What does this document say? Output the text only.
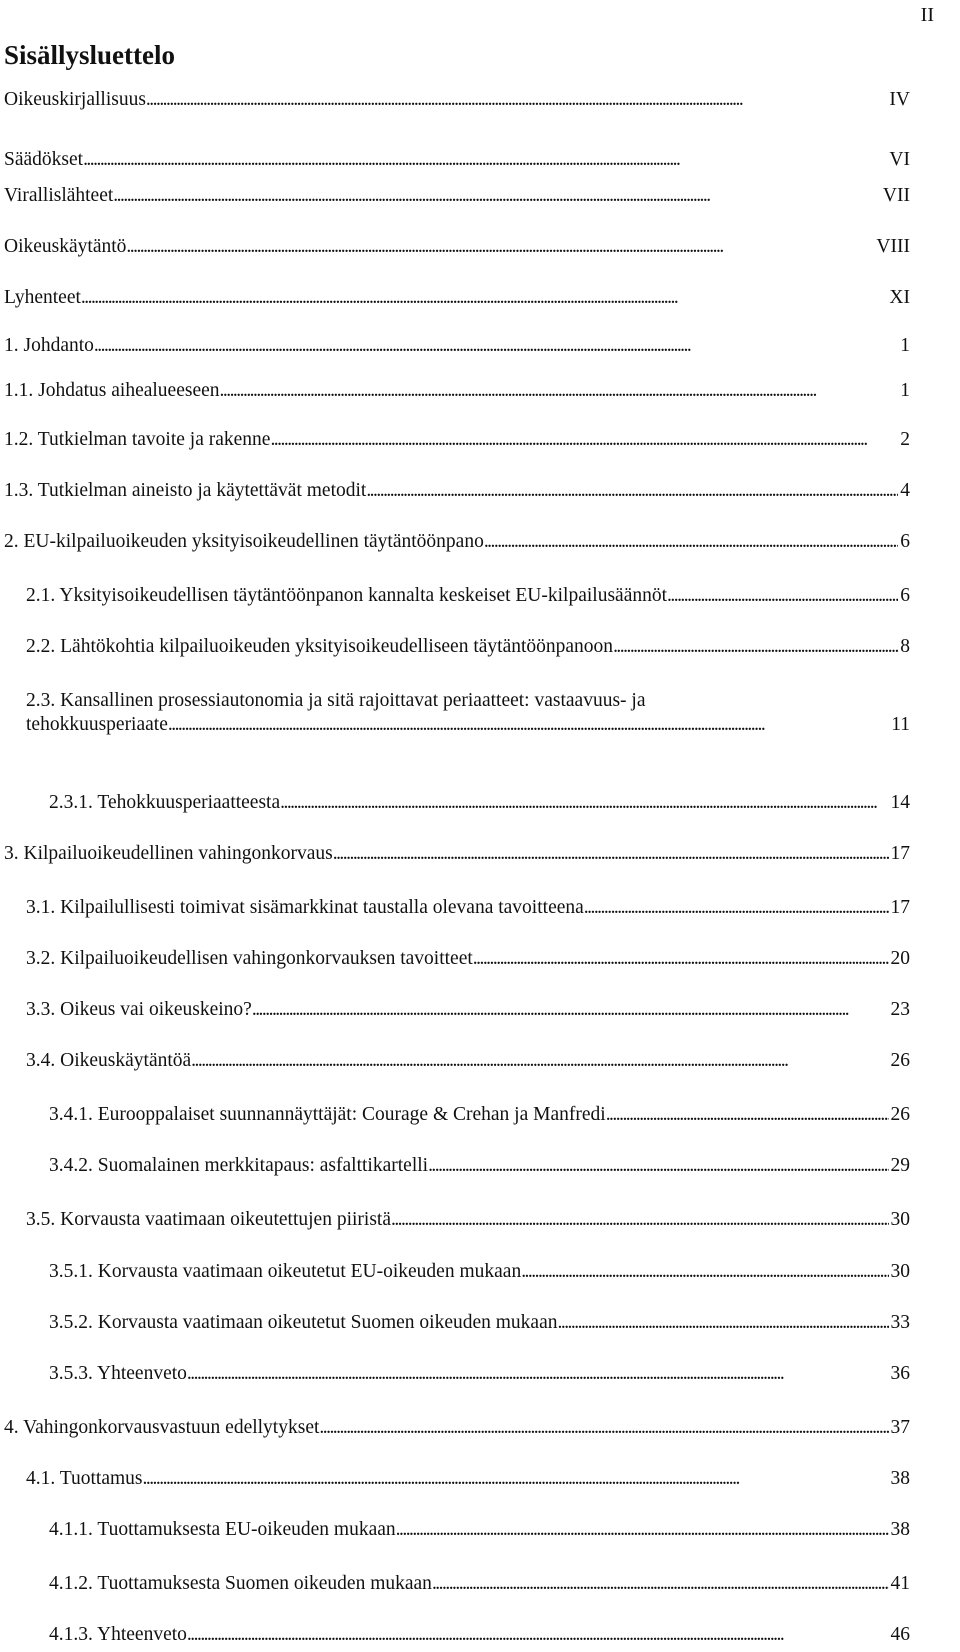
II
Sisällysluettelo
Oikeuskirjallisuus . . .	IV
Säädökset . . .	VI
Virallislähteet . . .	VII
Oikeuskäytäntö . . .	VIII
Lyhenteet . . .	XI
1. Johdanto . . .	1
1.1. Johdatus aihealueeseen . . .	1
1.2. Tutkielman tavoite ja rakenne . . .	2
1.3. Tutkielman aineisto ja käytettävät metodit . . .	4
2. EU-kilpailuoikeuden yksityisoikeudellinen täytäntöönpano . . .	6
2.1. Yksityisoikeudellisen täytäntöönpanon kannalta keskeiset EU-kilpailusäännöt . . .	6
2.2. Lähtökohtia kilpailuoikeuden yksityisoikeudelliseen täytäntöönpanoon . . .	8
2.3. Kansallinen prosessiautonomia ja sitä rajoittavat periaatteet: vastaavuus- ja
tehokkuusperiaate . . .	11
2.3.1. Tehokkuusperiaatteesta . . .	14
3. Kilpailuoikeudellinen vahingonkorvaus . . .	17
3.1. Kilpailullisesti toimivat sisämarkkinat taustalla olevana tavoitteena . . .	17
3.2. Kilpailuoikeudellisen vahingonkorvauksen tavoitteet . . .	20
3.3. Oikeus vai oikeuskeino? . . .	23
3.4. Oikeuskäytäntöä . . .	26
3.4.1. Eurooppalaiset suunnannäyttäjät: Courage & Crehan ja Manfredi . . .	26
3.4.2. Suomalainen merkkitapaus: asfalttikartelli . . .	29
3.5. Korvausta vaatimaan oikeutettujen piiristä . . .	30
3.5.1. Korvausta vaatimaan oikeutetut EU-oikeuden mukaan . . .	30
3.5.2. Korvausta vaatimaan oikeutetut Suomen oikeuden mukaan . . .	33
3.5.3. Yhteenveto . . .	36
4. Vahingonkorvausvastuun edellytykset . . .	37
4.1. Tuottamus . . .	38
4.1.1. Tuottamuksesta EU-oikeuden mukaan . . .	38
4.1.2. Tuottamuksesta Suomen oikeuden mukaan . . .	41
4.1.3. Yhteenveto . . .	46
